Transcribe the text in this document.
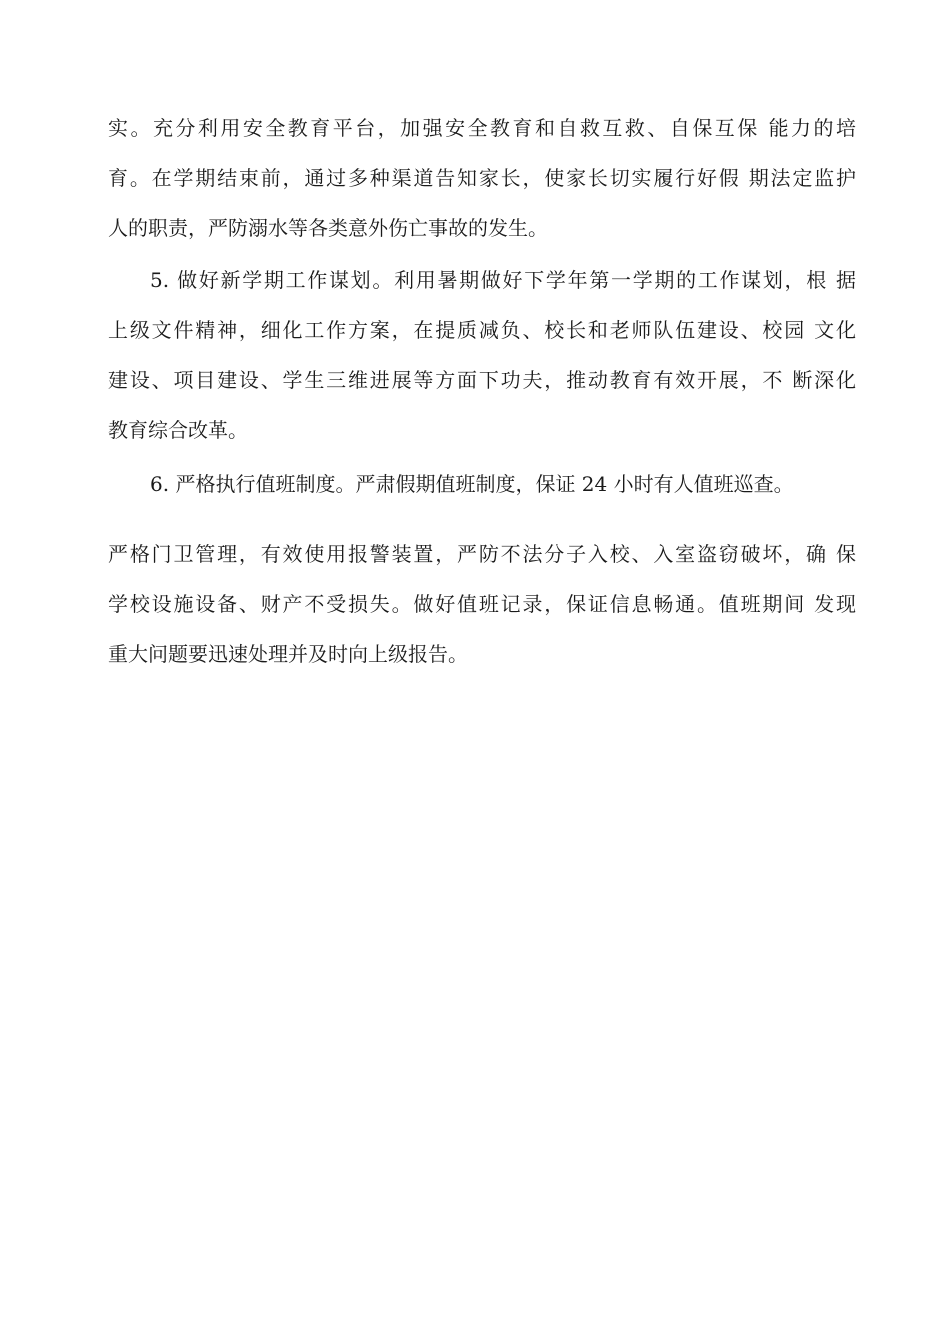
实。充分利用安全教育平台，加强安全教育和自救互救、自保互保 能力的培
育。在学期结束前，通过多种渠道告知家长，使家长切实履行好假 期法定监护
人的职责，严防溺水等各类意外伤亡事故的发生。
5. 做好新学期工作谋划。利用暑期做好下学年第一学期的工作谋划，根 据
上级文件精神，细化工作方案，在提质减负、校长和老师队伍建设、校园 文化
建设、项目建设、学生三维进展等方面下功夫，推动教育有效开展，不 断深化
教育综合改革。
6. 严格执行值班制度。严肃假期值班制度，保证 24 小时有人值班巡查。
严格门卫管理，有效使用报警装置，严防不法分子入校、入室盗窃破坏，确 保
学校设施设备、财产不受损失。做好值班记录，保证信息畅通。值班期间 发现
重大问题要迅速处理并及时向上级报告。
